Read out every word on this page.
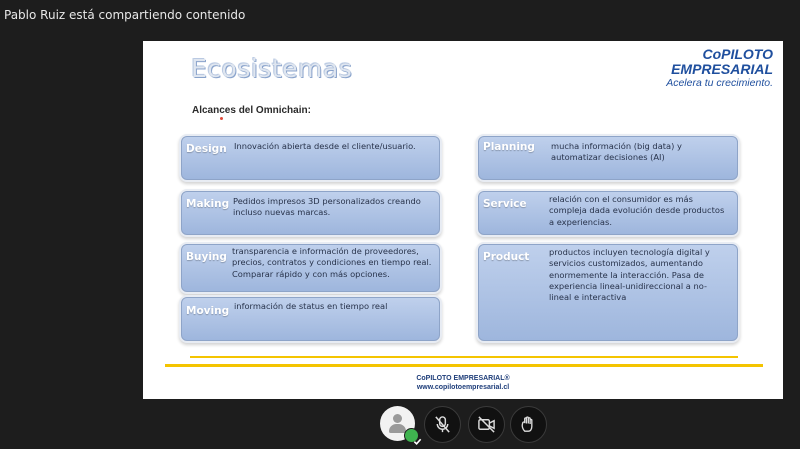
Pablo Ruiz está compartiendo contenido
Ecosistemas	CoPILOTO
EMPRESARIAL
Acelera tu crecimiento.
Alcances del Omnichain:
Design Innovación abierta desde el cliente/usuario.
Making Pedidos impresos 3D personalizados creando incluso nuevas marcas.
Buying transparencia e información de proveedores, precios, contratos y condiciones en tiempo real. Comparar rápido y con más opciones.
Moving información de status en tiempo real
Planning mucha información (big data) y automatizar decisiones (AI)
Service	relación con el consumidor es más compleja dada evolución desde productos a experiencias.
Product productos incluyen tecnología digital y servicios customizados, aumentando enormemente la interacción. Pasa de experiencia lineal-unidireccional a no-lineal e interactiva
CoPILOTO EMPRESARIAL®
www.copilotoempresarial.cl
